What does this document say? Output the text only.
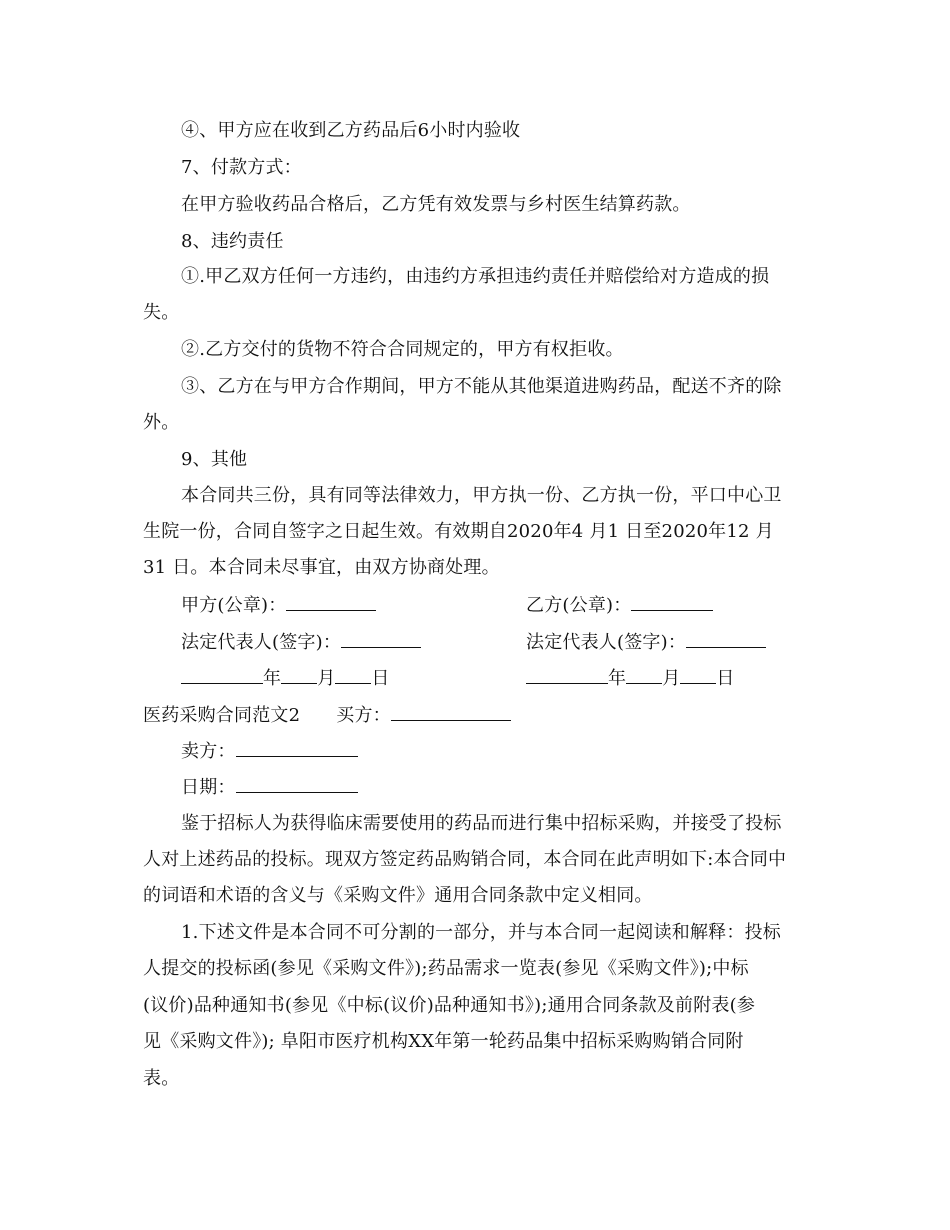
④、甲方应在收到乙方药品后6小时内验收
7、付款方式：
在甲方验收药品合格后，乙方凭有效发票与乡村医生结算药款。
8、违约责任
①.甲乙双方任何一方违约，由违约方承担违约责任并赔偿给对方造成的损
失。
②.乙方交付的货物不符合合同规定的，甲方有权拒收。
③、乙方在与甲方合作期间，甲方不能从其他渠道进购药品，配送不齐的除
外。
9、其他
本合同共三份，具有同等法律效力，甲方执一份、乙方执一份，平口中心卫
生院一份，合同自签字之日起生效。有效期自2020年4 月1 日至2020年12 月
31 日。本合同未尽事宜，由双方协商处理。
甲方(公章)：	乙方(公章)：
法定代表人(签字)：	法定代表人(签字)：
年 月 日	年 月 日
医药采购合同范文2 买方：
卖方：
日期：
鉴于招标人为获得临床需要使用的药品而进行集中招标采购，并接受了投标
人对上述药品的投标。现双方签定药品购销合同，本合同在此声明如下:本合同中
的词语和术语的含义与《采购文件》通用合同条款中定义相同。
1.下述文件是本合同不可分割的一部分，并与本合同一起阅读和解释：投标
人提交的投标函(参见《采购文件》);药品需求一览表(参见《采购文件》);中标
(议价)品种通知书(参见《中标(议价)品种通知书》);通用合同条款及前附表(参
见《采购文件》); 阜阳市医疗机构XX年第一轮药品集中招标采购购销合同附
表。
